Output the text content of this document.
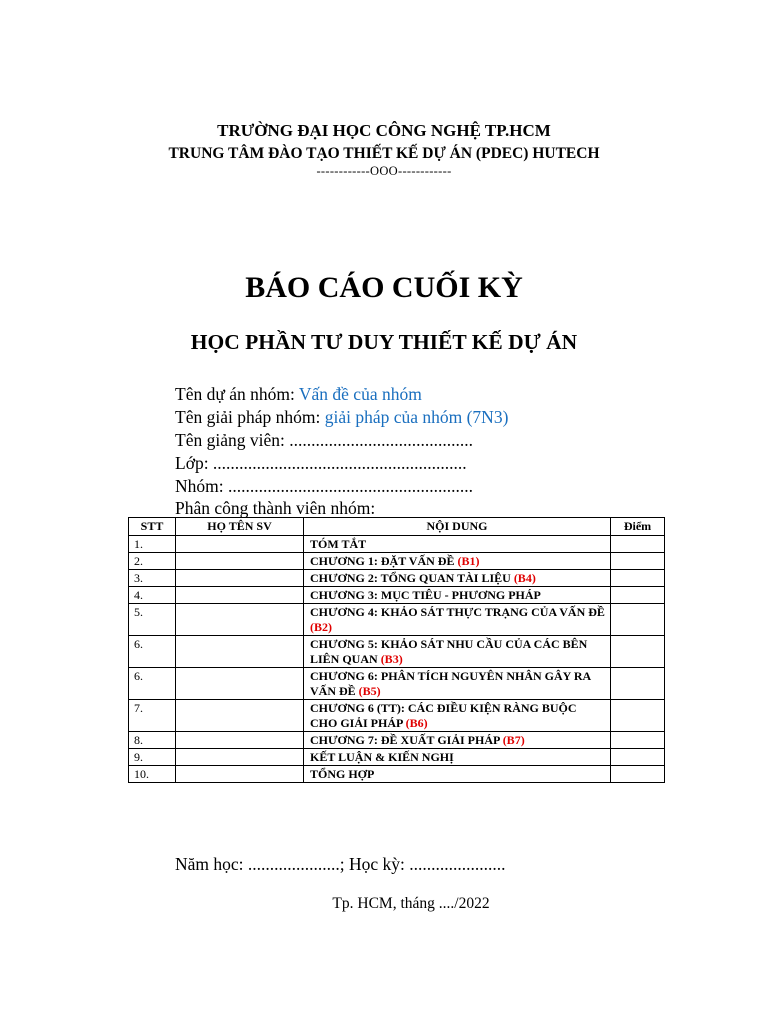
TRƯỜNG ĐẠI HỌC CÔNG NGHỆ TP.HCM
TRUNG TÂM ĐÀO TẠO THIẾT KẾ DỰ ÁN (PDEC) HUTECH
------------OOO------------
BÁO CÁO CUỐI KỲ
HỌC PHẦN TƯ DUY THIẾT KẾ DỰ ÁN
Tên dự án nhóm: Vấn đề của nhóm
Tên giải pháp nhóm: giải pháp của nhóm (7N3)
Tên giảng viên: ..........................................
Lớp: ..........................................................
Nhóm: ........................................................
Phân công thành viên nhóm:
STT	HỌ TÊN SV	NỘI DUNG	Điểm
1.		TÓM TẮT	
2.		CHƯƠNG 1: ĐẶT VẤN ĐỀ (B1)	
3.		CHƯƠNG 2: TỔNG QUAN TÀI LIỆU (B4)	
4.		CHƯƠNG 3: MỤC TIÊU - PHƯƠNG PHÁP	
5.		CHƯƠNG 4: KHẢO SÁT THỰC TRẠNG CỦA VẤN ĐỀ (B2)	
6.		CHƯƠNG 5: KHẢO SÁT NHU CẦU CỦA CÁC BÊN LIÊN QUAN (B3)	
6.		CHƯƠNG 6: PHÂN TÍCH NGUYÊN NHÂN GÂY RA VẤN ĐỀ (B5)	
7.		CHƯƠNG 6 (TT): CÁC ĐIỀU KIỆN RÀNG BUỘC CHO GIẢI PHÁP (B6)	
8.		CHƯƠNG 7: ĐỀ XUẤT GIẢI PHÁP (B7)	
9.		KẾT LUẬN & KIẾN NGHỊ	
10.		TỔNG HỢP	
Năm học: .....................; Học kỳ: ......................
Tp. HCM, tháng ..../2022
